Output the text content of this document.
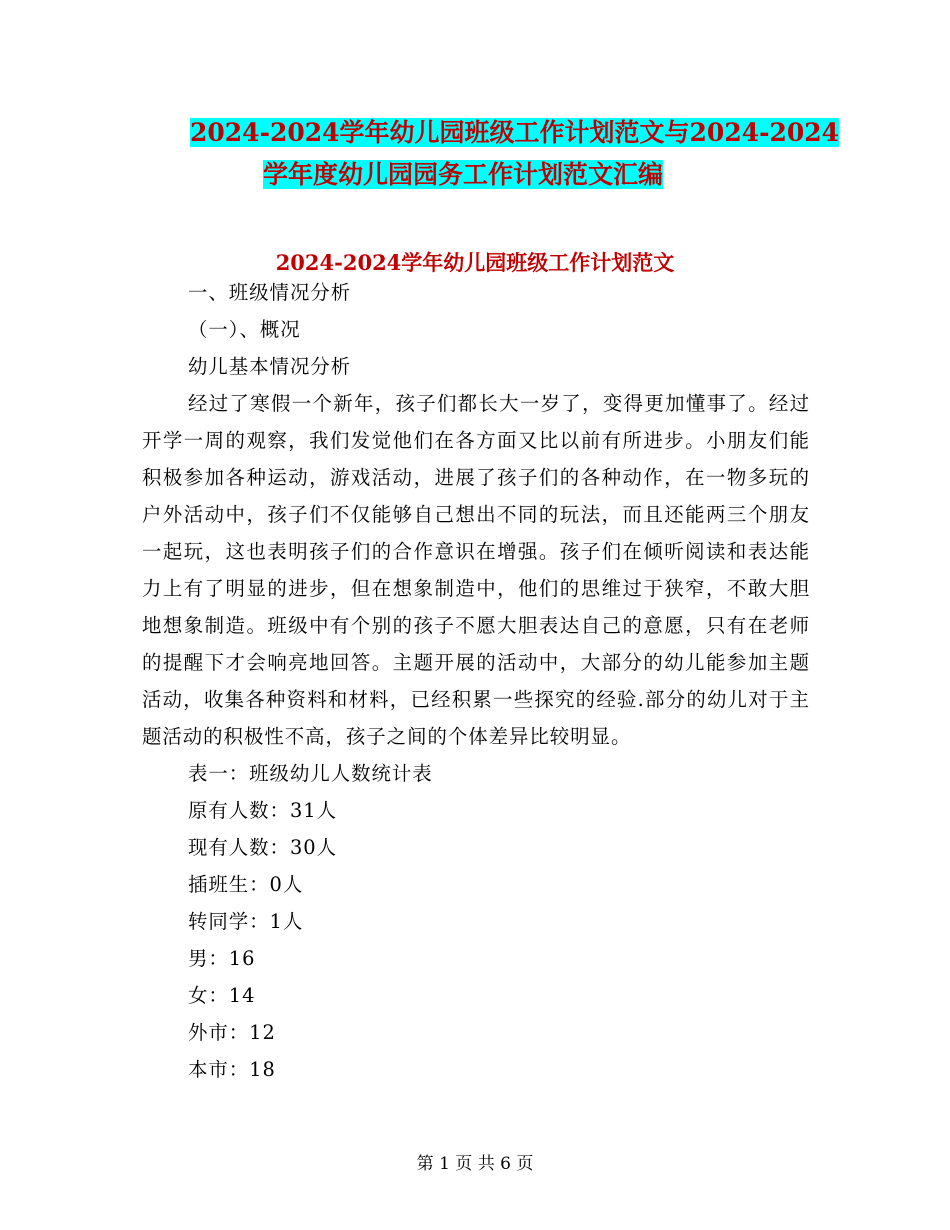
2024-2024学年幼儿园班级工作计划范文与2024-2024
学年度幼儿园园务工作计划范文汇编
2024-2024学年幼儿园班级工作计划范文

一、班级情况分析

（一）、概况

幼儿基本情况分析

经过了寒假一个新年，孩子们都长大一岁了，变得更加懂事了。经过开学一周的观察，我们发觉他们在各方面又比以前有所进步。小朋友们能积极参加各种运动，游戏活动，进展了孩子们的各种动作，在一物多玩的户外活动中，孩子们不仅能够自己想出不同的玩法，而且还能两三个朋友一起玩，这也表明孩子们的合作意识在增强。孩子们在倾听阅读和表达能力上有了明显的进步，但在想象制造中，他们的思维过于狭窄，不敢大胆地想象制造。班级中有个别的孩子不愿大胆表达自己的意愿，只有在老师的提醒下才会响亮地回答。主题开展的活动中，大部分的幼儿能参加主题活动，收集各种资料和材料，已经积累一些探究的经验.部分的幼儿对于主题活动的积极性不高，孩子之间的个体差异比较明显。

表一：班级幼儿人数统计表

原有人数：31人

现有人数：30人

插班生：0人

转同学：1人

男：16

女：14

外市：12

本市：18

第 1 页 共 6 页
